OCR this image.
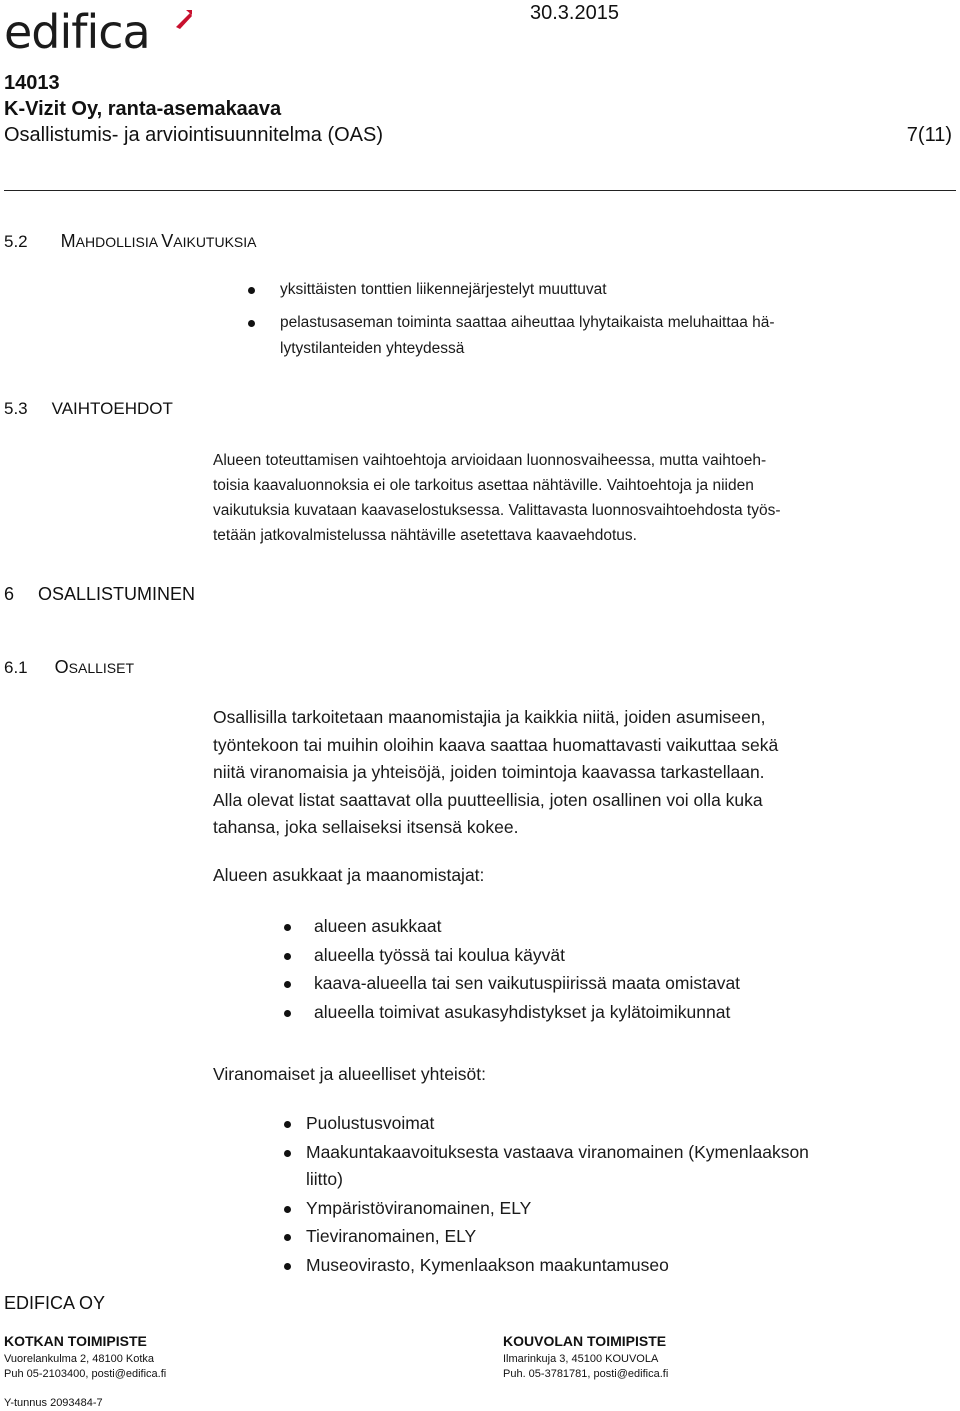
edifica	30.3.2015
14013
K-Vizit Oy, ranta-asemakaava
Osallistumis- ja arviointisuunnitelma (OAS)	7(11)
5.2 MAHDOLLISIA VAIKUTUKSIA
yksittäisten tonttien liikennejärjestelyt muuttuvat
pelastusaseman toiminta saattaa aiheuttaa lyhytaikaista meluhaittaa hä-
lytystilanteiden yhteydessä
5.3 VAIHTOEHDOT
Alueen toteuttamisen vaihtoehtoja arvioidaan luonnosvaiheessa, mutta vaihtoeh-
toisia kaavaluonnoksia ei ole tarkoitus asettaa nähtäville. Vaihtoehtoja ja niiden
vaikutuksia kuvataan kaavaselostuksessa. Valittavasta luonnosvaihtoehdosta työs-
tetään jatkovalmistelussa nähtäville asetettava kaavaehdotus.
6 OSALLISTUMINEN
6.1 OSALLISET
Osallisilla tarkoitetaan maanomistajia ja kaikkia niitä, joiden asumiseen,
työntekoon tai muihin oloihin kaava saattaa huomattavasti vaikuttaa sekä
niitä viranomaisia ja yhteisöjä, joiden toimintoja kaavassa tarkastellaan.
Alla olevat listat saattavat olla puutteellisia, joten osallinen voi olla kuka
tahansa, joka sellaiseksi itsensä kokee.
Alueen asukkaat ja maanomistajat:
alueen asukkaat
alueella työssä tai koulua käyvät
kaava-alueella tai sen vaikutuspiirissä maata omistavat
alueella toimivat asukasyhdistykset ja kylätoimikunnat
Viranomaiset ja alueelliset yhteisöt:
Puolustusvoimat
Maakuntakaavoituksesta vastaava viranomainen (Kymenlaakson
liitto)
Ympäristöviranomainen, ELY
Tieviranomainen, ELY
Museovirasto, Kymenlaakson maakuntamuseo
EDIFICA OY
KOTKAN TOIMIPISTE
Vuorelankulma 2, 48100 Kotka
Puh 05-2103400, posti@edifica.fi
KOUVOLAN TOIMIPISTE
Ilmarinkuja 3, 45100 KOUVOLA
Puh. 05-3781781, posti@edifica.fi
Y-tunnus 2093484-7
